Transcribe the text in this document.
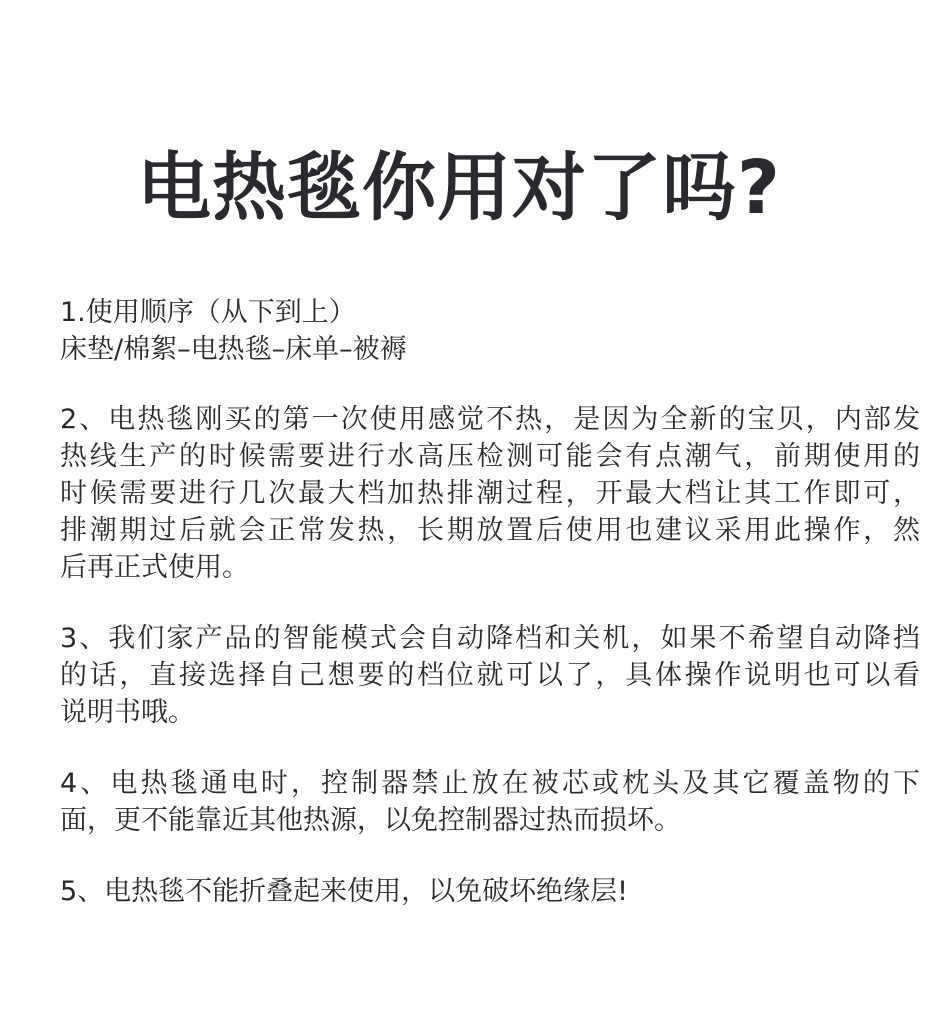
电热毯你用对了吗?
1.使用顺序（从下到上）
床垫/棉絮–电热毯–床单–被褥
2、电热毯刚买的第一次使用感觉不热，是因为全新的宝贝，内部发
热线生产的时候需要进行水高压检测可能会有点潮气，前期使用的
时候需要进行几次最大档加热排潮过程，开最大档让其工作即可，
排潮期过后就会正常发热，长期放置后使用也建议采用此操作，然
后再正式使用。
3、我们家产品的智能模式会自动降档和关机，如果不希望自动降挡
的话，直接选择自己想要的档位就可以了，具体操作说明也可以看
说明书哦。
4、电热毯通电时，控制器禁止放在被芯或枕头及其它覆盖物的下
面，更不能靠近其他热源，以免控制器过热而损坏。
5、电热毯不能折叠起来使用，以免破坏绝缘层!
